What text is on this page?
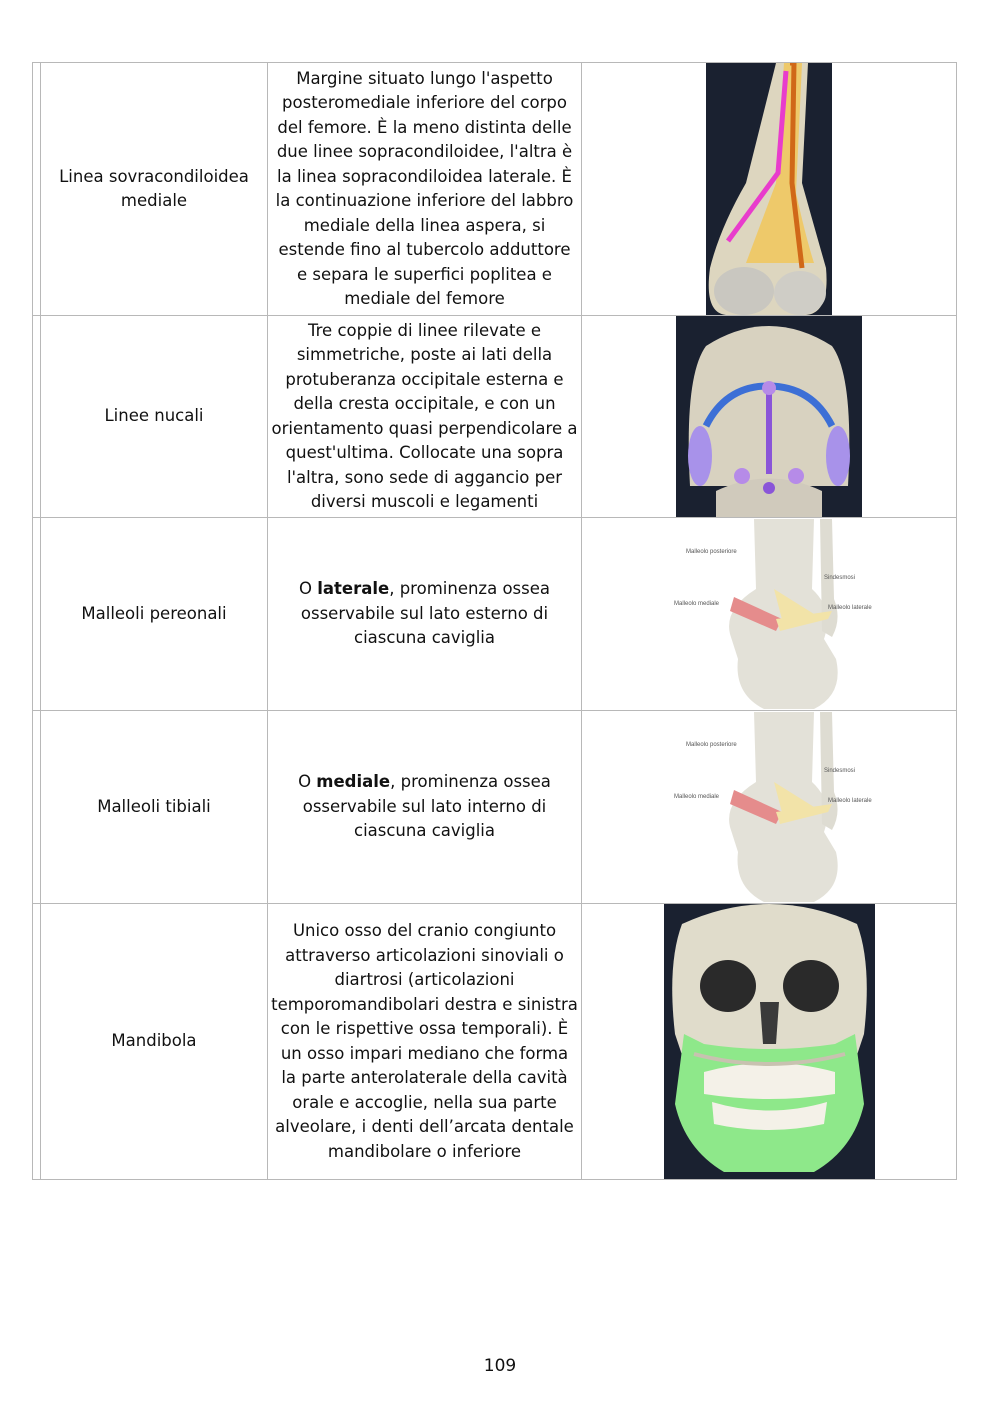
	Linea sovracondiloidea mediale	Margine situato lungo l'aspetto posteromediale inferiore del corpo del femore. È la meno distinta delle due linee sopracondiloidee, l'altra è la linea sopracondiloidea laterale. È la continuazione inferiore del labbro mediale della linea aspera, si estende fino al tubercolo adduttore e separa le superfici poplitea e mediale del femore	

	Linee nucali	Tre coppie di linee rilevate e simmetriche, poste ai lati della protuberanza occipitale esterna e della cresta occipitale, e con un orientamento quasi perpendicolare a quest'ultima. Collocate una sopra l'altra, sono sede di aggancio per diversi muscoli e legamenti	

	Malleoli pereonali	O laterale, prominenza ossea osservabile sul lato esterno di ciascuna caviglia	Malleolo posteriore
Sindesmosi
Malleolo mediale
Malleolo laterale

	Malleoli tibiali	O mediale, prominenza ossea osservabile sul lato interno di ciascuna caviglia	Malleolo posteriore
Sindesmosi
Malleolo mediale
Malleolo laterale

	Mandibola	Unico osso del cranio congiunto attraverso articolazioni sinoviali o diartrosi (articolazioni temporomandibolari destra e sinistra con le rispettive ossa temporali). È un osso impari mediano che forma la parte anterolaterale della cavità orale e accoglie, nella sua parte alveolare, i denti dell’arcata dentale mandibolare o inferiore	
109
